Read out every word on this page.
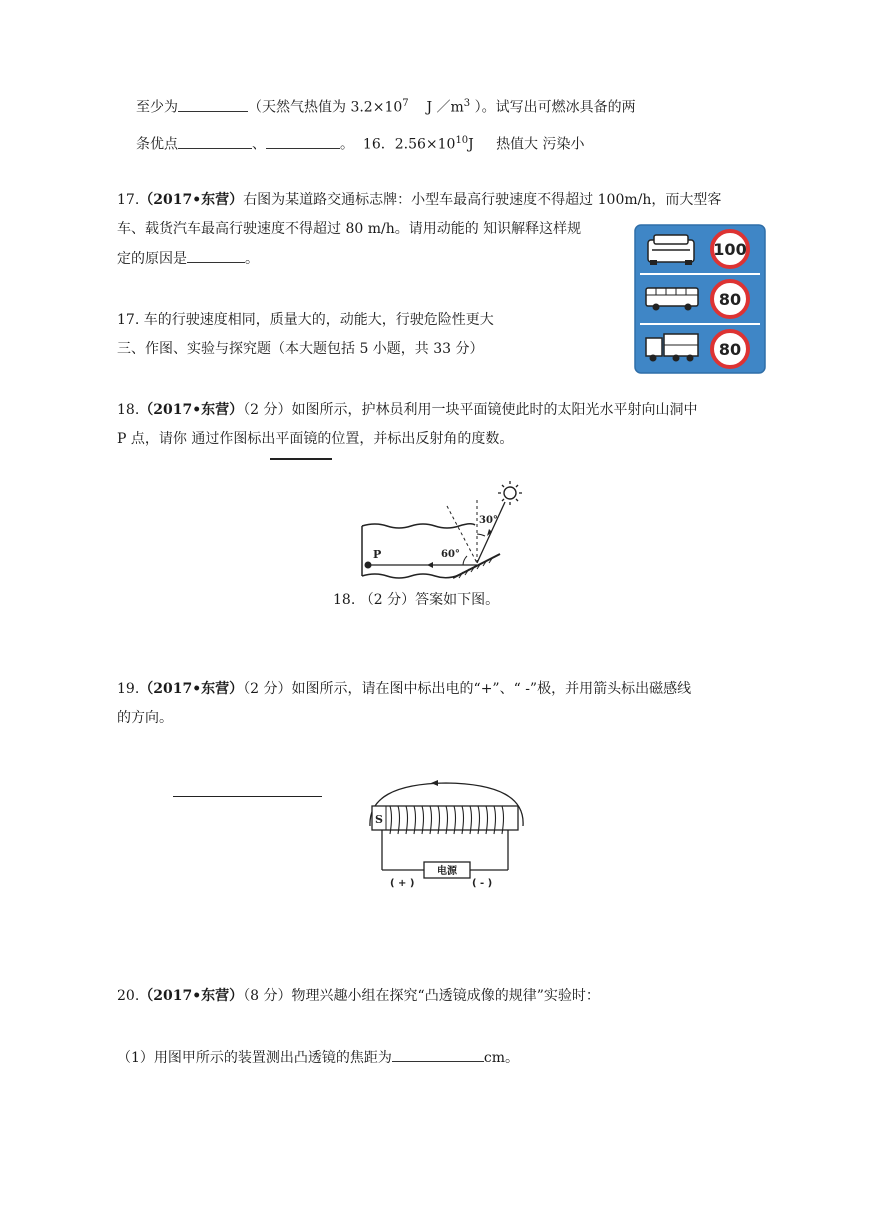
至少为	（天然气热值为 $3.2\times 10^7$ J $/m^3$ ）。试写出可燃冰具备的两
条优点	、	。 16．$2.56\times 10^{10}J$ 热值大 污染小
17.（2017•东营）右图为某道路交通标志牌：小型车最高行驶速度不得超过 100m/h，而大型客
车、载货汽车最高行驶速度不得超过 80 m/h。请用动能的 知识解释这样规
定的原因是	。
17. 车的行驶速度相同，质量大的，动能大，行驶危险性更大
三、作图、实验与探究题（本大题包括 5 小题，共 33 分）
100
80
80
18.（2017•东营）（2 分）如图所示，护林员利用一块平面镜使此时的太阳光水平射向山洞中
P 点，请你 通过作图标出平面镜的位置，并标出反射角的度数。
P	60°
30°
18. （2 分）答案如下图。
19.（2017•东营）（2 分）如图所示，请在图中标出电的“+”、“ -”极，并用箭头标出磁感线
的方向。
S
电源
( + )	( - )
20.（2017•东营）（8 分）物理兴趣小组在探究“凸透镜成像的规律”实验时：
（1）用图甲所示的装置测出凸透镜的焦距为	cm。
